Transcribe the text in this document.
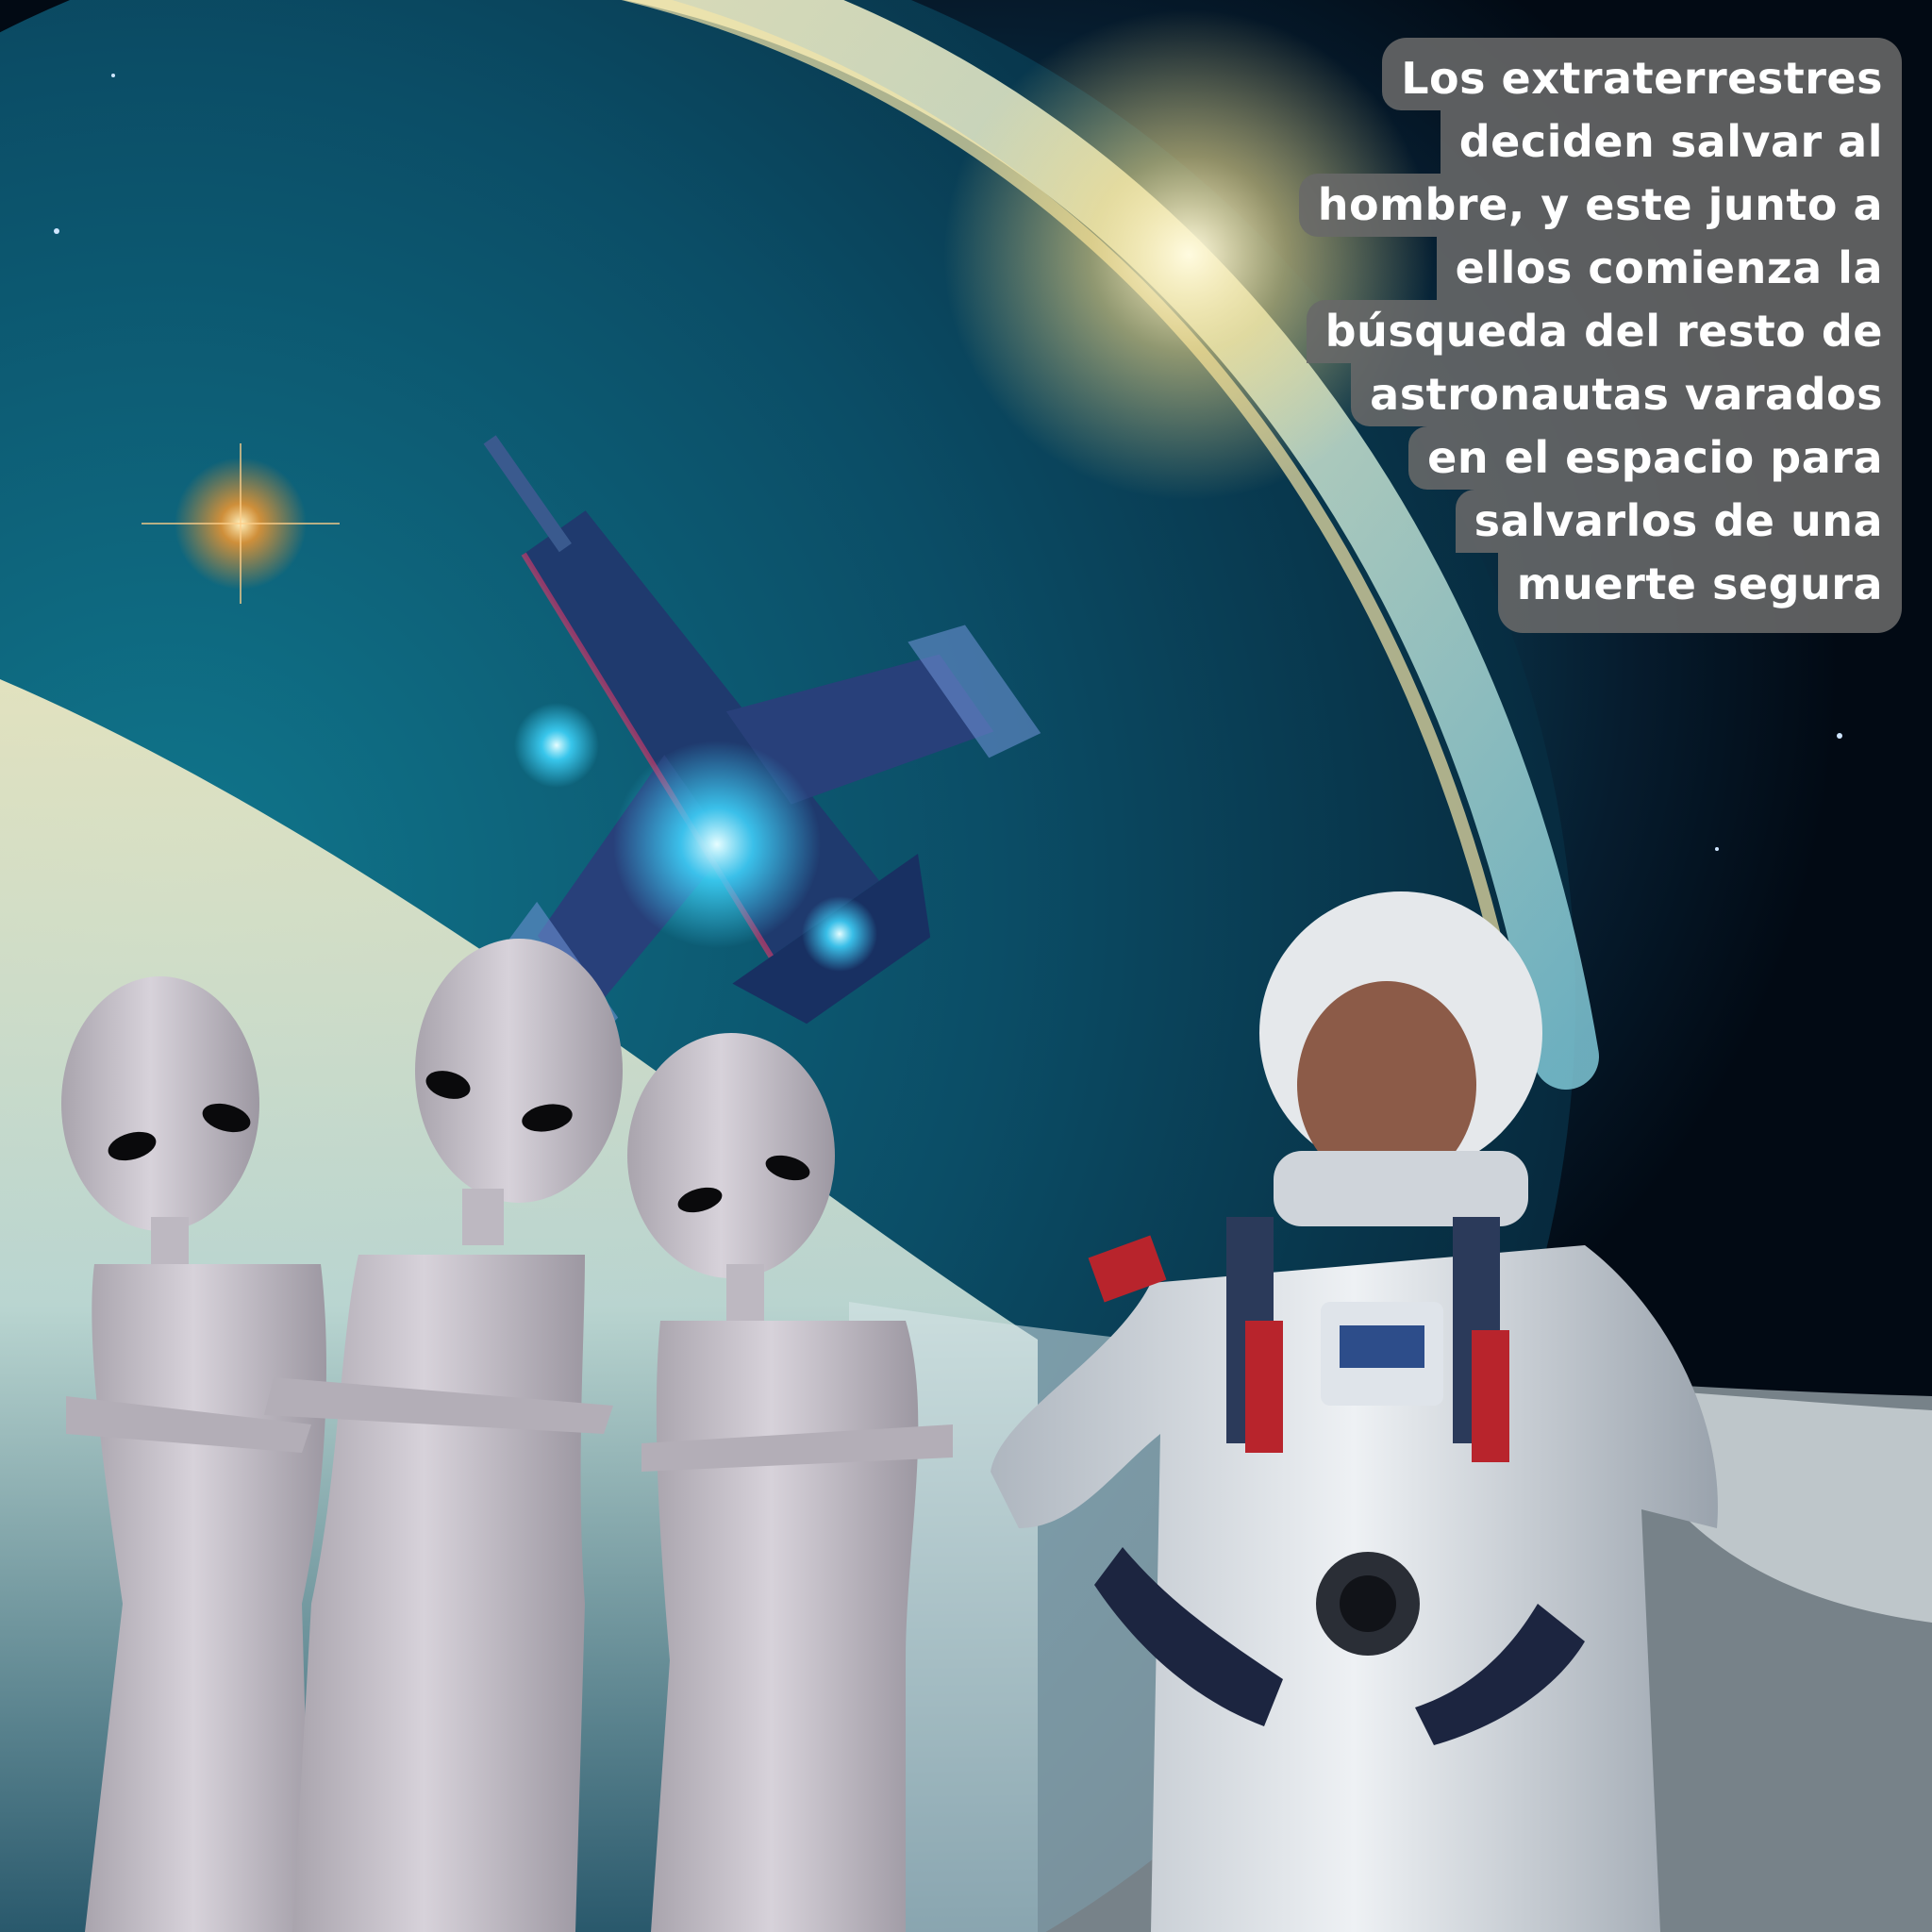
Los extraterrestres
deciden salvar al
hombre, y este junto a
ellos comienza la
búsqueda del resto de
astronautas varados
en el espacio para
salvarlos de una
muerte segura
